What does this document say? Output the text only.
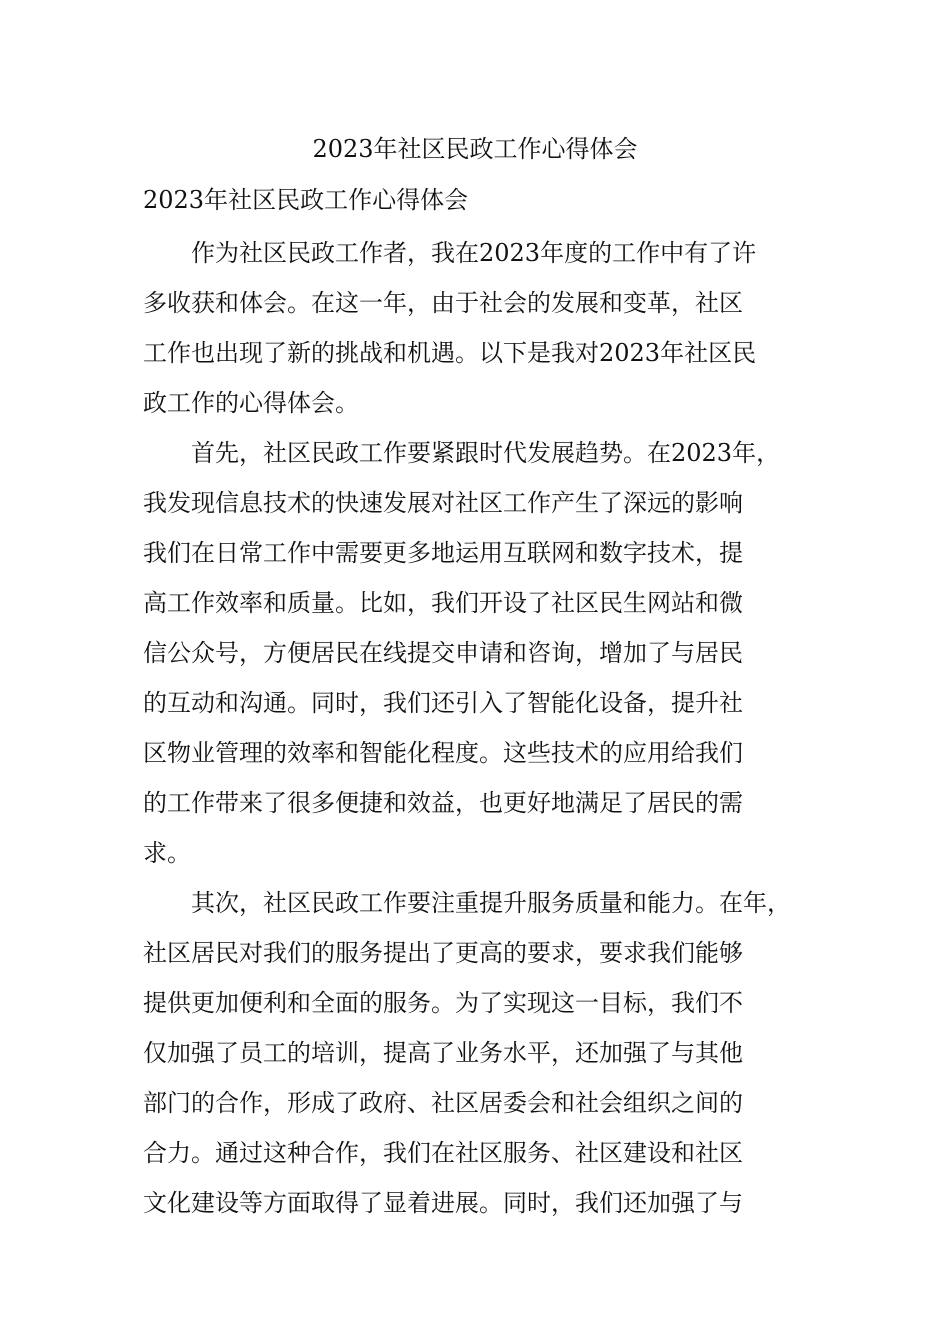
2023年社区民政工作心得体会
2023年社区民政工作心得体会

作为社区民政工作者，我在2023年度的工作中有了许
多收获和体会。在这一年，由于社会的发展和变革，社区
工作也出现了新的挑战和机遇。以下是我对2023年社区民
政工作的心得体会。

首先，社区民政工作要紧跟时代发展趋势。在2023年，
我发现信息技术的快速发展对社区工作产生了深远的影响
我们在日常工作中需要更多地运用互联网和数字技术，提
高工作效率和质量。比如，我们开设了社区民生网站和微
信公众号，方便居民在线提交申请和咨询，增加了与居民
的互动和沟通。同时，我们还引入了智能化设备，提升社
区物业管理的效率和智能化程度。这些技术的应用给我们
的工作带来了很多便捷和效益，也更好地满足了居民的需
求。

其次，社区民政工作要注重提升服务质量和能力。在年，
社区居民对我们的服务提出了更高的要求，要求我们能够
提供更加便利和全面的服务。为了实现这一目标，我们不
仅加强了员工的培训，提高了业务水平，还加强了与其他
部门的合作，形成了政府、社区居委会和社会组织之间的
合力。通过这种合作，我们在社区服务、社区建设和社区
文化建设等方面取得了显着进展。同时，我们还加强了与
